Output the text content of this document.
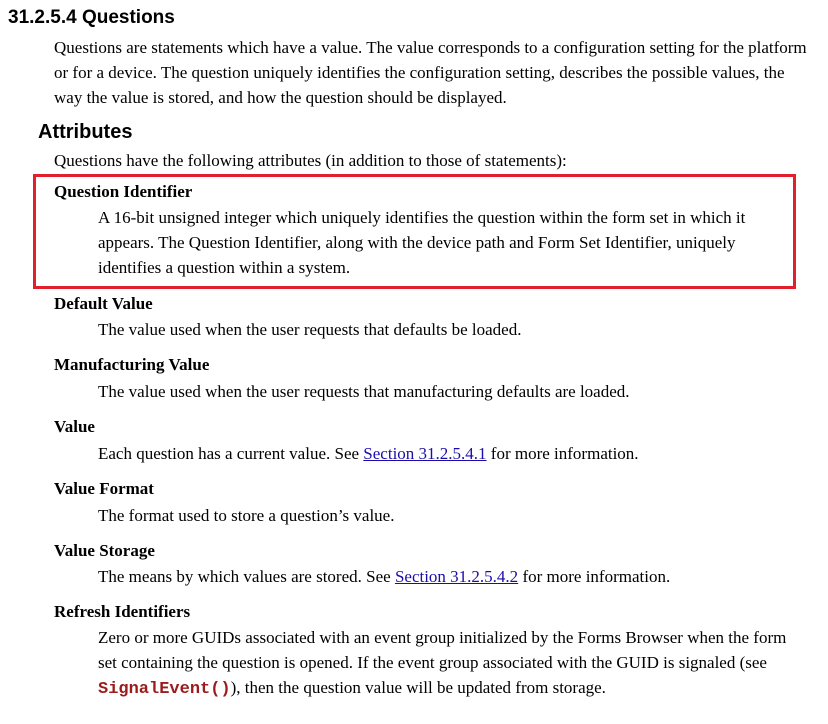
31.2.5.4 Questions

Questions are statements which have a value. The value corresponds to a configuration setting for the platform or for a device. The question uniquely identifies the configuration setting, describes the possible values, the way the value is stored, and how the question should be displayed.

Attributes

Questions have the following attributes (in addition to those of statements):

Question Identifier

A 16-bit unsigned integer which uniquely identifies the question within the form set in which it appears. The Question Identifier, along with the device path and Form Set Identifier, uniquely identifies a question within a system.

Default Value

The value used when the user requests that defaults be loaded.

Manufacturing Value

The value used when the user requests that manufacturing defaults are loaded.

Value

Each question has a current value. See Section 31.2.5.4.1 for more information.

Value Format

The format used to store a question’s value.

Value Storage

The means by which values are stored. See Section 31.2.5.4.2 for more information.

Refresh Identifiers

Zero or more GUIDs associated with an event group initialized by the Forms Browser when the form set containing the question is opened. If the event group associated with the GUID is signaled (see SignalEvent()), then the question value will be updated from storage.
